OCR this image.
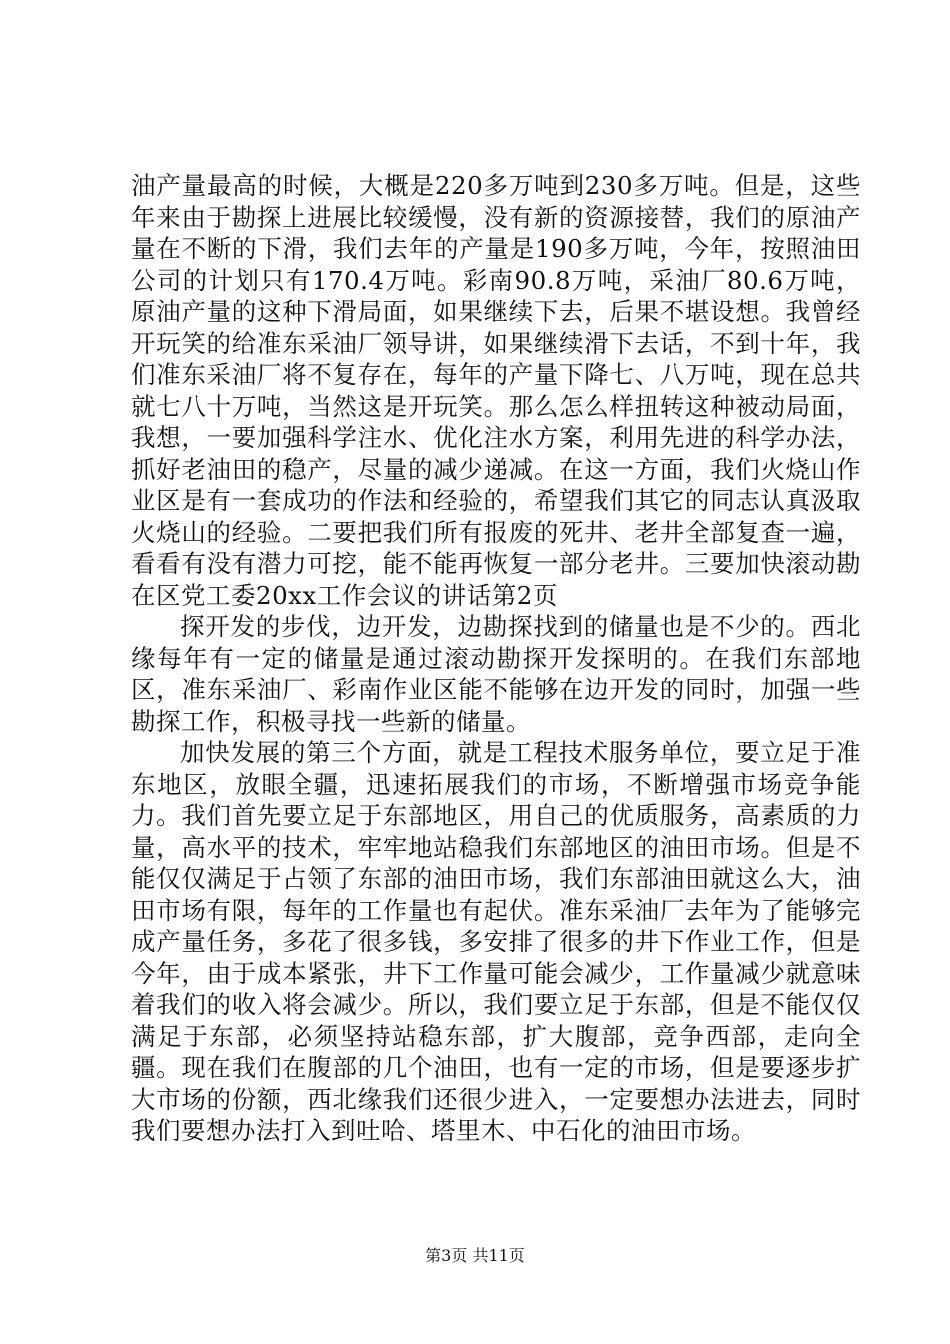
油产量最高的时候，大概是220多万吨到230多万吨。但是，这些年来由于勘探上进展比较缓慢，没有新的资源接替，我们的原油产量在不断的下滑，我们去年的产量是190多万吨，今年，按照油田公司的计划只有170.4万吨。彩南90.8万吨，采油厂80.6万吨，原油产量的这种下滑局面，如果继续下去，后果不堪设想。我曾经开玩笑的给准东采油厂领导讲，如果继续滑下去话，不到十年，我们准东采油厂将不复存在，每年的产量下降七、八万吨，现在总共就七八十万吨，当然这是开玩笑。那么怎么样扭转这种被动局面，我想，一要加强科学注水、优化注水方案，利用先进的科学办法，抓好老油田的稳产，尽量的减少递减。在这一方面，我们火烧山作业区是有一套成功的作法和经验的，希望我们其它的同志认真汲取火烧山的经验。二要把我们所有报废的死井、老井全部复查一遍，看看有没有潜力可挖，能不能再恢复一部分老井。三要加快滚动勘在区党工委20xx工作会议的讲话第2页

探开发的步伐，边开发，边勘探找到的储量也是不少的。西北缘每年有一定的储量是通过滚动勘探开发探明的。在我们东部地区，准东采油厂、彩南作业区能不能够在边开发的同时，加强一些勘探工作，积极寻找一些新的储量。

加快发展的第三个方面，就是工程技术服务单位，要立足于准东地区，放眼全疆，迅速拓展我们的市场，不断增强市场竞争能力。我们首先要立足于东部地区，用自己的优质服务，高素质的力量，高水平的技术，牢牢地站稳我们东部地区的油田市场。但是不能仅仅满足于占领了东部的油田市场，我们东部油田就这么大，油田市场有限，每年的工作量也有起伏。准东采油厂去年为了能够完成产量任务，多花了很多钱，多安排了很多的井下作业工作，但是今年，由于成本紧张，井下工作量可能会减少，工作量减少就意味着我们的收入将会减少。所以，我们要立足于东部，但是不能仅仅满足于东部，必须坚持站稳东部，扩大腹部，竞争西部，走向全疆。现在我们在腹部的几个油田，也有一定的市场，但是要逐步扩大市场的份额，西北缘我们还很少进入，一定要想办法进去，同时我们要想办法打入到吐哈、塔里木、中石化的油田市场。

第3页 共11页
